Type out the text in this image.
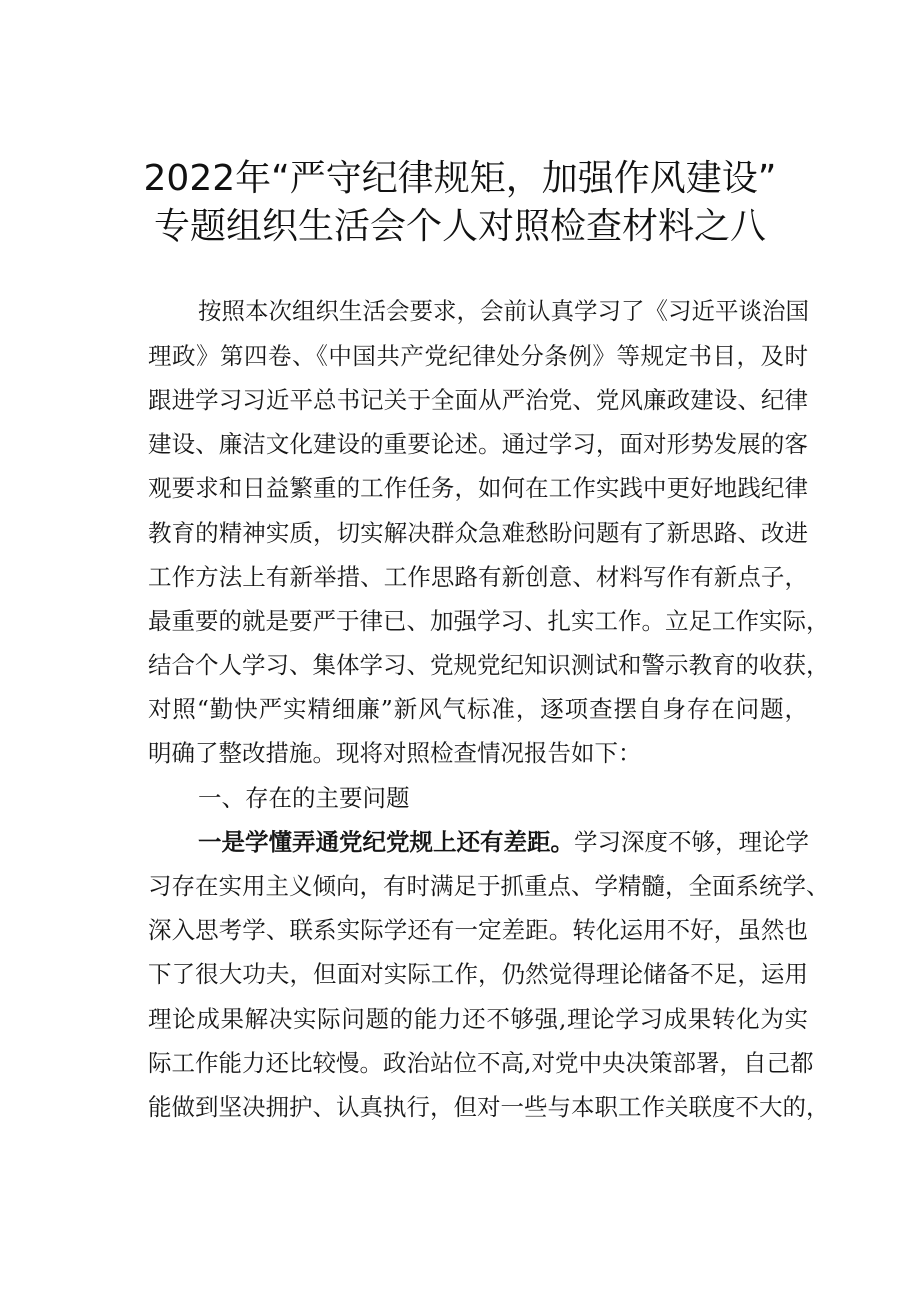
2022年“严守纪律规矩，加强作风建设”
专题组织生活会个人对照检查材料之八
按照本次组织生活会要求，会前认真学习了《习近平谈治国
理政》第四卷、《中国共产党纪律处分条例》等规定书目，及时
跟进学习习近平总书记关于全面从严治党、党风廉政建设、纪律
建设、廉洁文化建设的重要论述。通过学习，面对形势发展的客
观要求和日益繁重的工作任务，如何在工作实践中更好地践纪律
教育的精神实质，切实解决群众急难愁盼问题有了新思路、改进
工作方法上有新举措、工作思路有新创意、材料写作有新点子，
最重要的就是要严于律已、加强学习、扎实工作。立足工作实际，
结合个人学习、集体学习、党规党纪知识测试和警示教育的收获，
对照“勤快严实精细廉”新风气标准，逐项查摆自身存在问题，
明确了整改措施。现将对照检查情况报告如下：
一、存在的主要问题
一是学懂弄通党纪党规上还有差距。学习深度不够，理论学
习存在实用主义倾向，有时满足于抓重点、学精髓，全面系统学、
深入思考学、联系实际学还有一定差距。转化运用不好，虽然也
下了很大功夫，但面对实际工作，仍然觉得理论储备不足，运用
理论成果解决实际问题的能力还不够强,理论学习成果转化为实
际工作能力还比较慢。政治站位不高,对党中央决策部署，自己都
能做到坚决拥护、认真执行，但对一些与本职工作关联度不大的，
